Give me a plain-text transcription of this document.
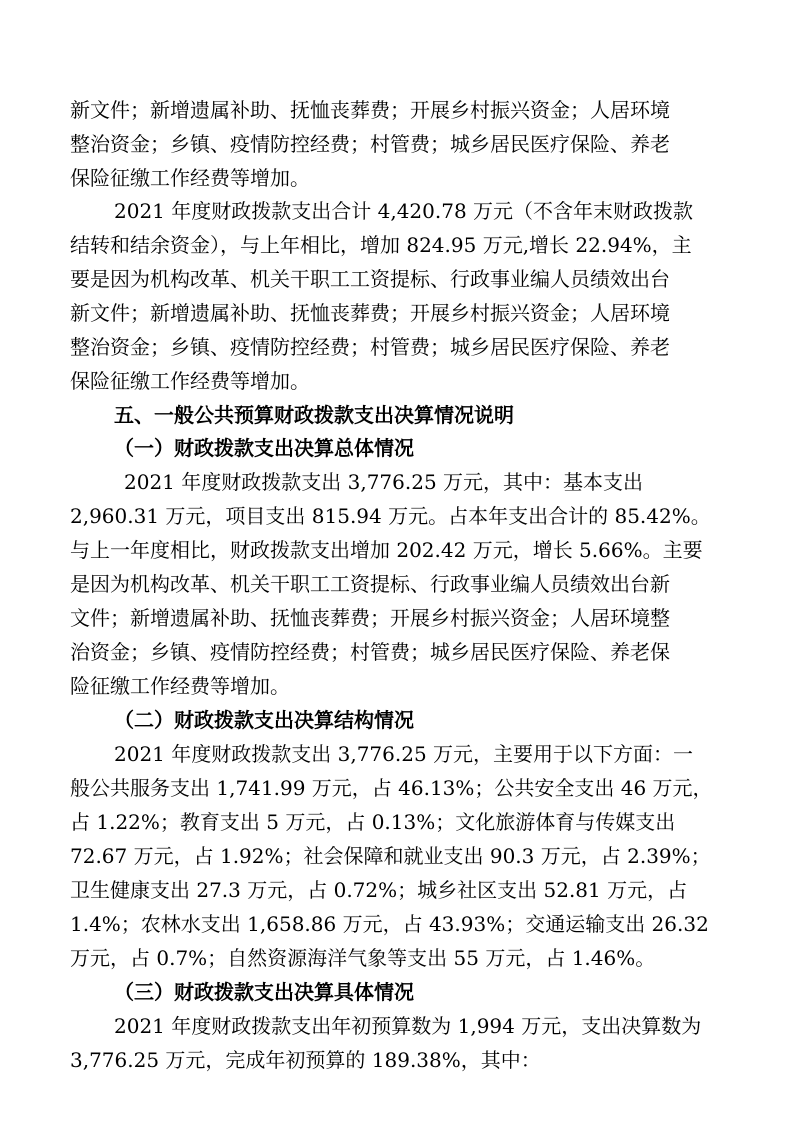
新文件；新增遗属补助、抚恤丧葬费；开展乡村振兴资金；人居环境
整治资金；乡镇、疫情防控经费；村管费；城乡居民医疗保险、养老
保险征缴工作经费等增加。
2021 年度财政拨款支出合计 4,420.78 万元（不含年末财政拨款
结转和结余资金），与上年相比，增加 824.95 万元,增长 22.94%，主
要是因为机构改革、机关干职工工资提标、行政事业编人员绩效出台
新文件；新增遗属补助、抚恤丧葬费；开展乡村振兴资金；人居环境
整治资金；乡镇、疫情防控经费；村管费；城乡居民医疗保险、养老
保险征缴工作经费等增加。
五、一般公共预算财政拨款支出决算情况说明
（一）财政拨款支出决算总体情况
2021 年度财政拨款支出 3,776.25 万元，其中：基本支出
2,960.31 万元，项目支出 815.94 万元。占本年支出合计的 85.42%。
与上一年度相比，财政拨款支出增加 202.42 万元，增长 5.66%。主要
是因为机构改革、机关干职工工资提标、行政事业编人员绩效出台新
文件；新增遗属补助、抚恤丧葬费；开展乡村振兴资金；人居环境整
治资金；乡镇、疫情防控经费；村管费；城乡居民医疗保险、养老保
险征缴工作经费等增加。
（二）财政拨款支出决算结构情况
2021 年度财政拨款支出 3,776.25 万元，主要用于以下方面：一
般公共服务支出 1,741.99 万元，占 46.13%；公共安全支出 46 万元，
占 1.22%；教育支出 5 万元，占 0.13%；文化旅游体育与传媒支出
72.67 万元，占 1.92%；社会保障和就业支出 90.3 万元，占 2.39%；
卫生健康支出 27.3 万元，占 0.72%；城乡社区支出 52.81 万元，占
1.4%；农林水支出 1,658.86 万元，占 43.93%；交通运输支出 26.32
万元，占 0.7%；自然资源海洋气象等支出 55 万元，占 1.46%。
（三）财政拨款支出决算具体情况
2021 年度财政拨款支出年初预算数为 1,994 万元，支出决算数为
3,776.25 万元，完成年初预算的 189.38%，其中：
